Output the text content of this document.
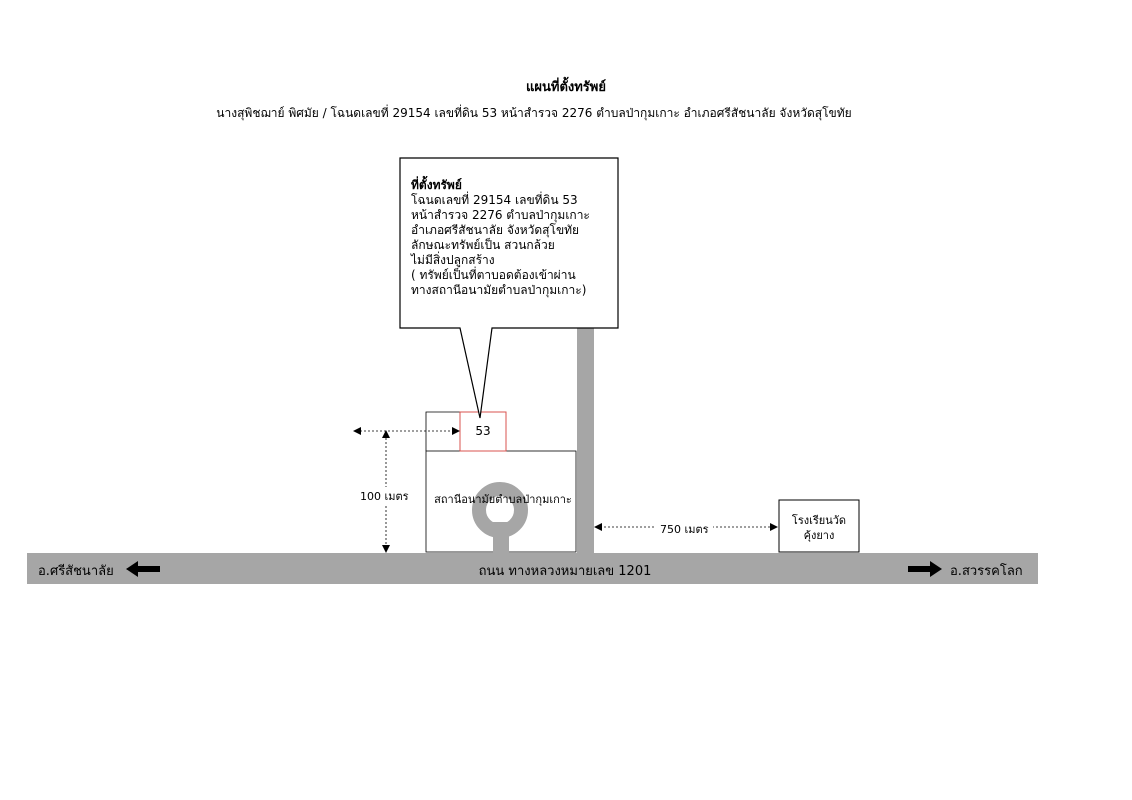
แผนที่ตั้งทรัพย์
นางสุพิชฌาย์ พิศมัย / โฉนดเลขที่ 29154 เลขที่ดิน 53 หน้าสำรวจ 2276 ตำบลป่ากุมเกาะ อำเภอศรีสัชนาลัย จังหวัดสุโขทัย
ที่ตั้งทรัพย์
โฉนดเลขที่ 29154 เลขที่ดิน 53
หน้าสำรวจ 2276 ตำบลป่ากุมเกาะ
อำเภอศรีสัชนาลัย จังหวัดสุโขทัย
ลักษณะทรัพย์เป็น สวนกล้วย
ไม่มีสิ่งปลูกสร้าง
( ทรัพย์เป็นที่ตาบอดต้องเข้าผ่าน
ทางสถานีอนามัยตำบลป่ากุมเกาะ)
53
สถานีอนามัยตำบลป่ากุมเกาะ
โรงเรียนวัด
คุ้งยาง
100 เมตร
750 เมตร
ถนน ทางหลวงหมายเลข 1201
อ.ศรีสัชนาลัย	อ.สวรรคโลก
